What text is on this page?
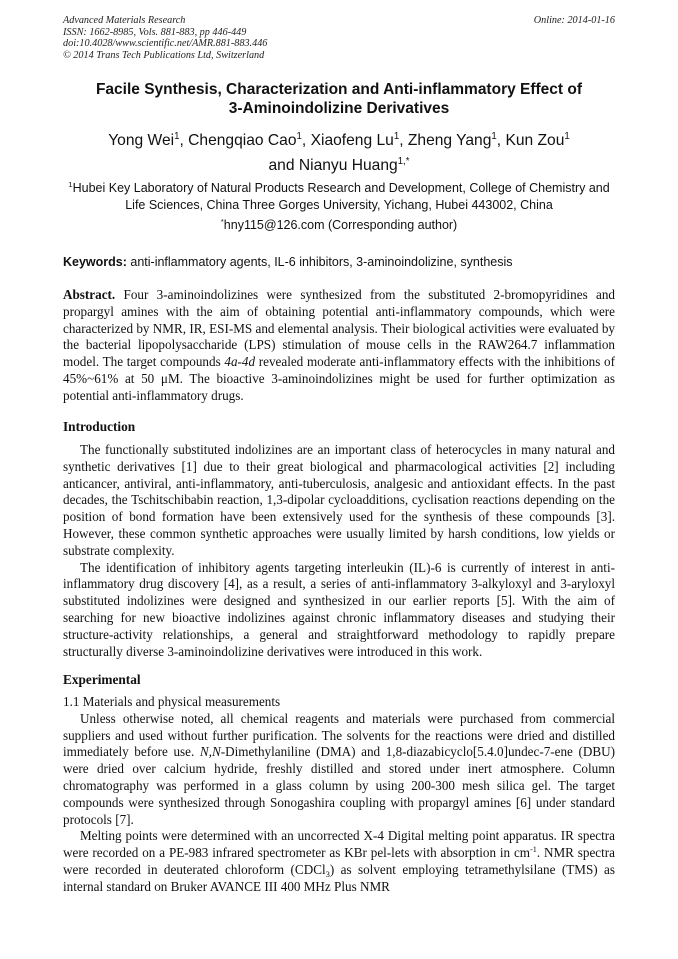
Advanced Materials Research
ISSN: 1662-8985, Vols. 881-883, pp 446-449
doi:10.4028/www.scientific.net/AMR.881-883.446
© 2014 Trans Tech Publications Ltd, Switzerland
Online: 2014-01-16
Facile Synthesis, Characterization and Anti-inflammatory Effect of
3-Aminoindolizine Derivatives
Yong Wei$^1$, Chengqiao Cao$^1$, Xiaofeng Lu$^1$, Zheng Yang$^1$, Kun Zou$^1$
and Nianyu Huang$^{1,*}$
$^1$Hubei Key Laboratory of Natural Products Research and Development, College of Chemistry and
Life Sciences, China Three Gorges University, Yichang, Hubei 443002, China
*hny115@126.com (Corresponding author)
Keywords: anti-inflammatory agents, IL-6 inhibitors, 3-aminoindolizine, synthesis

Abstract. Four 3-aminoindolizines were synthesized from the substituted 2-bromopyridines and propargyl amines with the aim of obtaining potential anti-inflammatory compounds, which were characterized by NMR, IR, ESI-MS and elemental analysis. Their biological activities were evaluated by the bacterial lipopolysaccharide (LPS) stimulation of mouse cells in the RAW264.7 inflammation model. The target compounds 4a-4d revealed moderate anti-inflammatory effects with the inhibitions of 45%~61% at 50 μM. The bioactive 3-aminoindolizines might be used for further optimization as potential anti-inflammatory drugs.

Introduction

The functionally substituted indolizines are an important class of heterocycles in many natural and synthetic derivatives [1] due to their great biological and pharmacological activities [2] including anticancer, antiviral, anti-inflammatory, anti-tuberculosis, analgesic and antioxidant effects. In the past decades, the Tschitschibabin reaction, 1,3-dipolar cycloadditions, cyclisation reactions depending on the position of bond formation have been extensively used for the synthesis of these compounds [3]. However, these common synthetic approaches were usually limited by harsh conditions, low yields or substrate complexity.

The identification of inhibitory agents targeting interleukin (IL)-6 is currently of interest in anti-inflammatory drug discovery [4], as a result, a series of anti-inflammatory 3-alkyloxyl and 3-aryloxyl substituted indolizines were designed and synthesized in our earlier reports [5]. With the aim of searching for new bioactive indolizines against chronic inflammatory diseases and studying their structure-activity relationships, a general and straightforward methodology to rapidly prepare structurally diverse 3-aminoindolizine derivatives were introduced in this work.

Experimental

1.1 Materials and physical measurements

Unless otherwise noted, all chemical reagents and materials were purchased from commercial suppliers and used without further purification. The solvents for the reactions were dried and distilled immediately before use. N,N-Dimethylaniline (DMA) and 1,8-diazabicyclo[5.4.0]undec-7-ene (DBU) were dried over calcium hydride, freshly distilled and stored under inert atmosphere. Column chromatography was performed in a glass column by using 200-300 mesh silica gel. The target compounds were synthesized through Sonogashira coupling with propargyl amines [6] under standard protocols [7].

Melting points were determined with an uncorrected X-4 Digital melting point apparatus. IR spectra were recorded on a PE-983 infrared spectrometer as KBr pel-lets with absorption in $cm^{-1}$. NMR spectra were recorded in deuterated chloroform (CDCl$_3$) as solvent employing tetramethylsilane (TMS) as internal standard on Bruker AVANCE III 400 MHz Plus NMR
